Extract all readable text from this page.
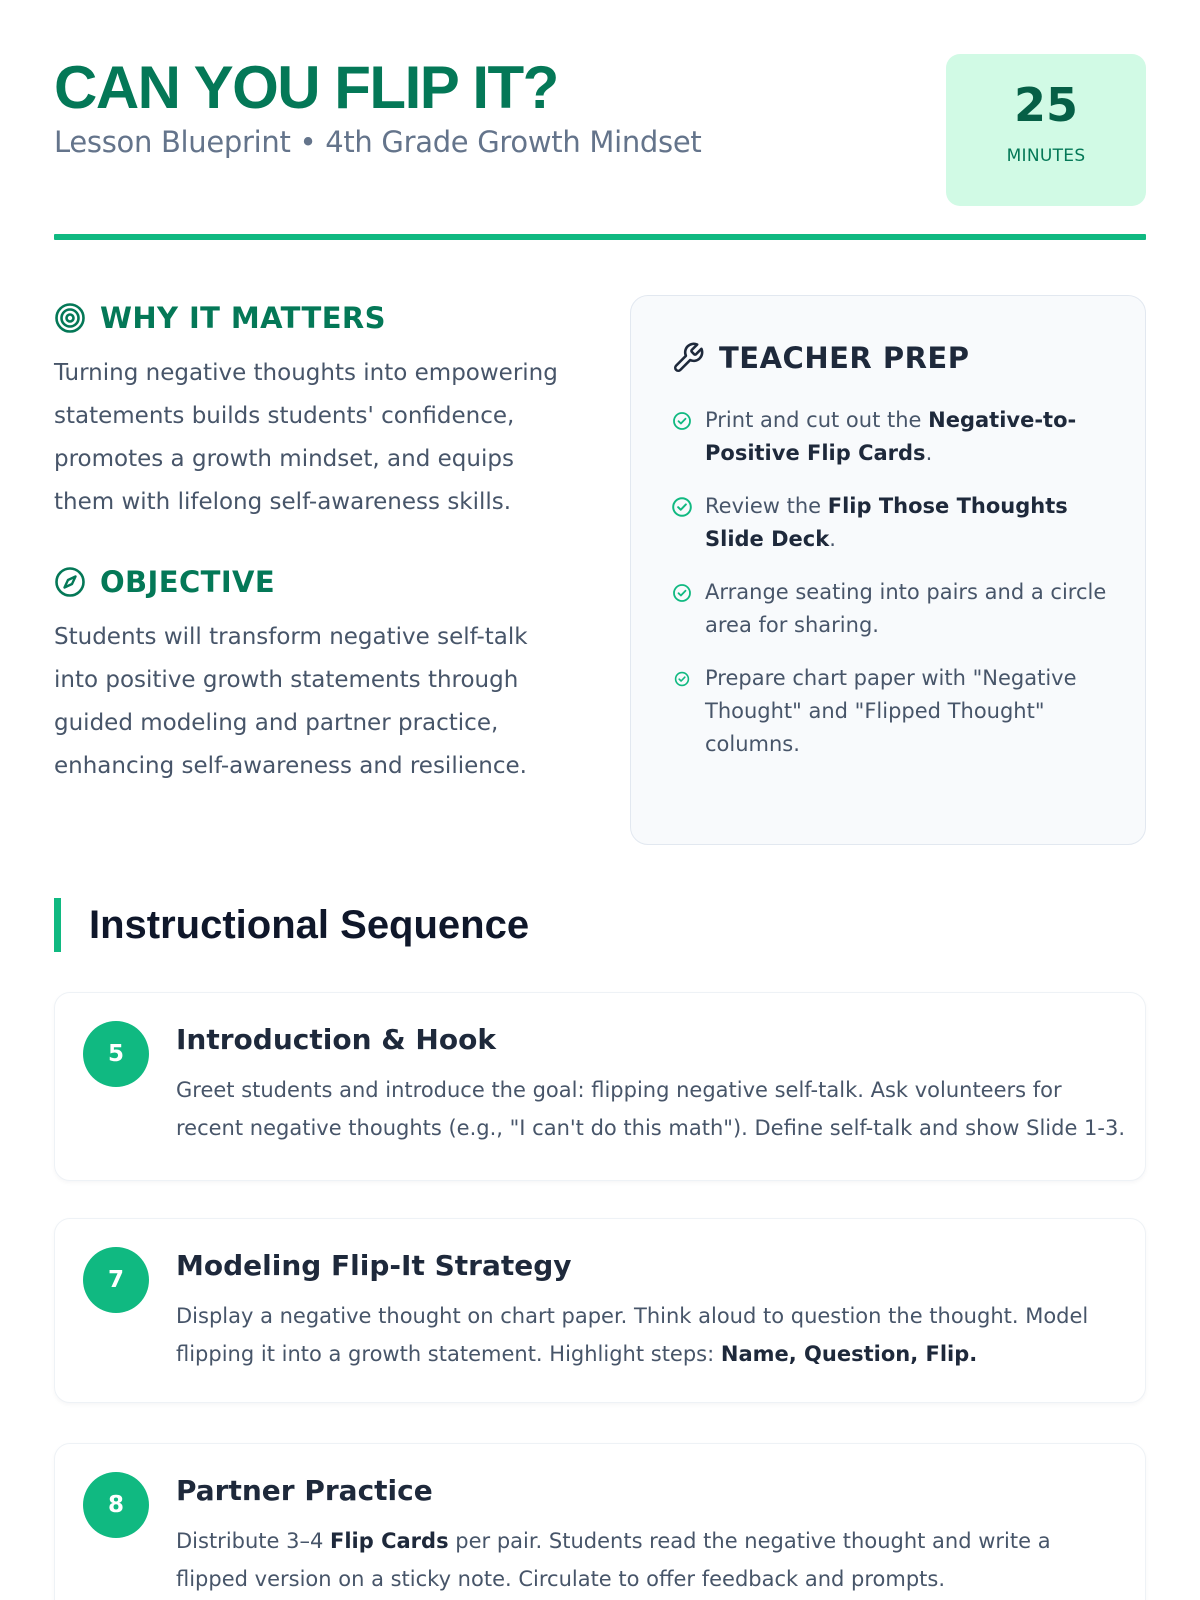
CAN YOU FLIP IT?
Lesson Blueprint • 4th Grade Growth Mindset
25
MINUTES
WHY IT MATTERS

Turning negative thoughts into empowering statements builds students' confidence, promotes a growth mindset, and equips them with lifelong self-awareness skills.

OBJECTIVE

Students will transform negative self-talk into positive growth statements through guided modeling and partner practice, enhancing self-awareness and resilience.

TEACHER PREP
Print and cut out the Negative-to-Positive Flip Cards.
Review the Flip Those Thoughts Slide Deck.
Arrange seating into pairs and a circle area for sharing.
Prepare chart paper with "Negative Thought" and "Flipped Thought" columns.
Instructional Sequence
5	Introduction & Hook

Greet students and introduce the goal: flipping negative self-talk. Ask volunteers for recent negative thoughts (e.g., "I can't do this math"). Define self-talk and show Slide 1-3.

7	Modeling Flip-It Strategy

Display a negative thought on chart paper. Think aloud to question the thought. Model flipping it into a growth statement. Highlight steps: Name, Question, Flip.

8	Partner Practice

Distribute 3–4 Flip Cards per pair. Students read the negative thought and write a flipped version on a sticky note. Circulate to offer feedback and prompts.
